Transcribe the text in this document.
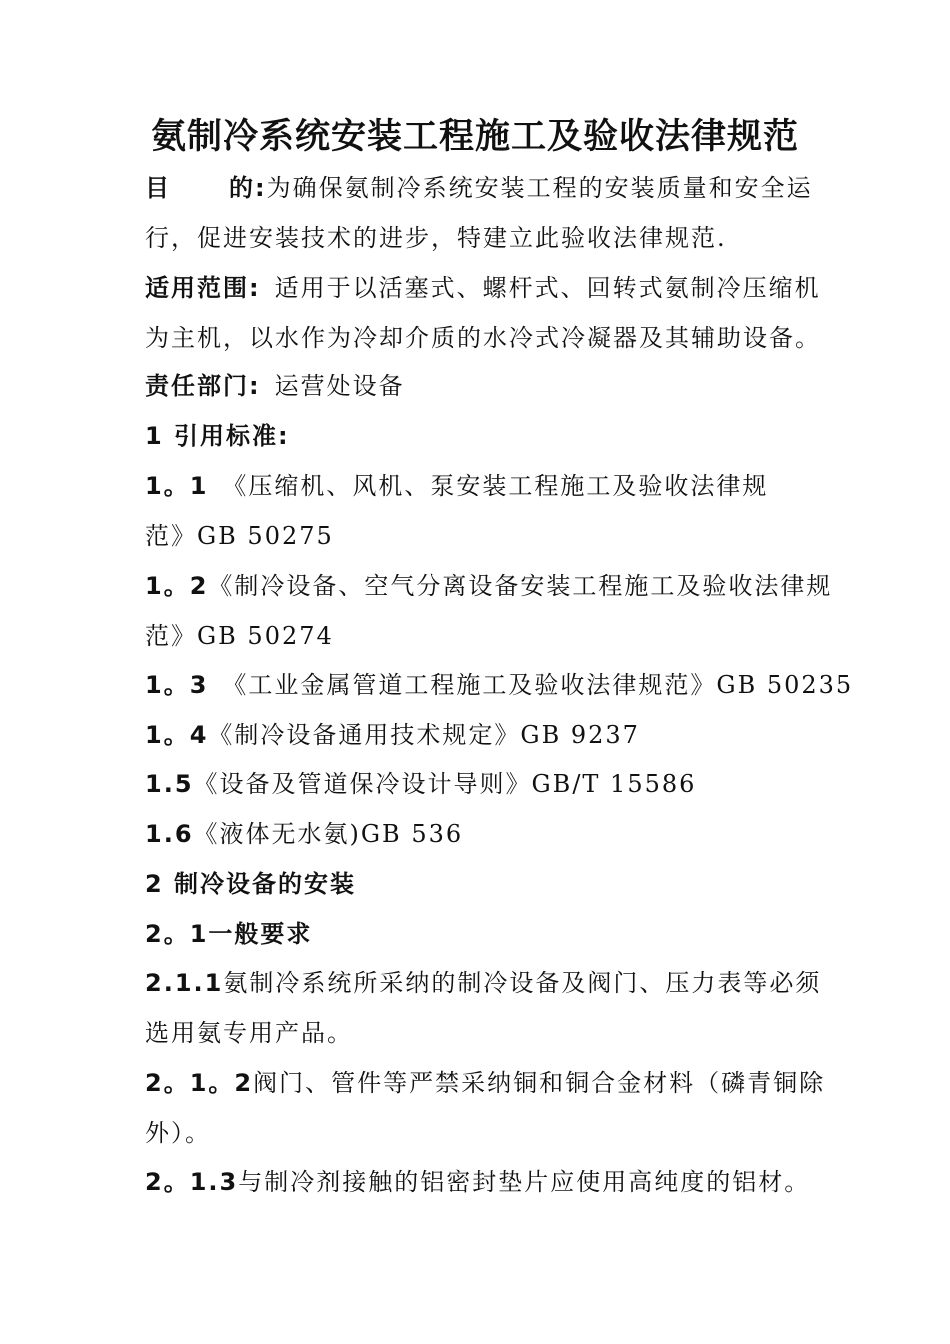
氨制冷系统安装工程施工及验收法律规范
目 的:为确保氨制冷系统安装工程的安装质量和安全运
行，促进安装技术的进步，特建立此验收法律规范.
适用范围: 适用于以活塞式、螺杆式、回转式氨制冷压缩机
为主机，以水作为冷却介质的水冷式冷凝器及其辅助设备。
责任部门: 运营处设备
1 引用标准:
1。1 《压缩机、风机、泵安装工程施工及验收法律规
范》GB 50275
1。2《制冷设备、空气分离设备安装工程施工及验收法律规
范》GB 50274
1。3 《工业金属管道工程施工及验收法律规范》GB 50235
1。4《制冷设备通用技术规定》GB 9237
1.5《设备及管道保冷设计导则》GB/T 15586
1.6《液体无水氨)GB 536
2 制冷设备的安装
2。1一般要求
2.1.1氨制冷系统所采纳的制冷设备及阀门、压力表等必须
选用氨专用产品。
2。1。2阀门、管件等严禁采纳铜和铜合金材料（磷青铜除
外）。
2。1.3与制冷剂接触的铝密封垫片应使用高纯度的铝材。
